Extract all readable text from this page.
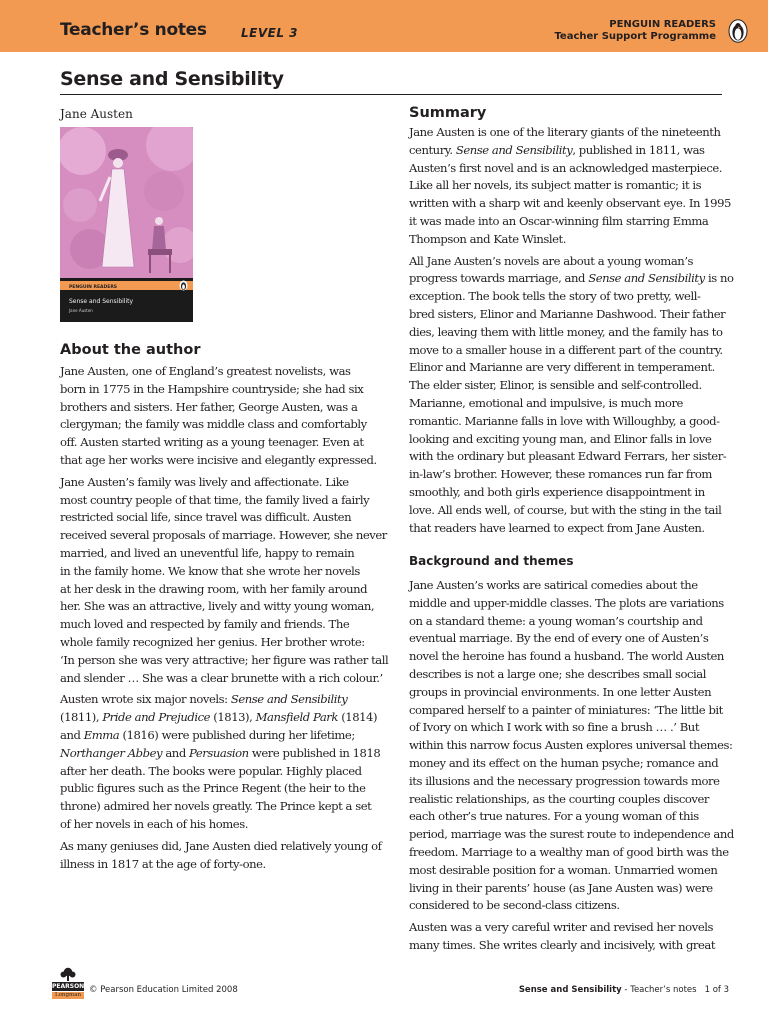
Teacher’s notes	LEVEL 3
PENGUIN READERS
Teacher Support Programme
Sense and Sensibility
Jane Austen
PENGUIN READERS
Sense and Sensibility
Jane Austen
About the author

Jane Austen, one of England’s greatest novelists, was
born in 1775 in the Hampshire countryside; she had six
brothers and sisters. Her father, George Austen, was a
clergyman; the family was middle class and comfortably
off. Austen started writing as a young teenager. Even at
that age her works were incisive and elegantly expressed.

Jane Austen’s family was lively and affectionate. Like
most country people of that time, the family lived a fairly
restricted social life, since travel was difficult. Austen
received several proposals of marriage. However, she never
married, and lived an uneventful life, happy to remain
in the family home. We know that she wrote her novels
at her desk in the drawing room, with her family around
her. She was an attractive, lively and witty young woman,
much loved and respected by family and friends. The
whole family recognized her genius. Her brother wrote:
‘In person she was very attractive; her figure was rather tall
and slender … She was a clear brunette with a rich colour.’

Austen wrote six major novels: Sense and Sensibility
(1811), Pride and Prejudice (1813), Mansfield Park (1814)
and Emma (1816) were published during her lifetime;
Northanger Abbey and Persuasion were published in 1818
after her death. The books were popular. Highly placed
public figures such as the Prince Regent (the heir to the
throne) admired her novels greatly. The Prince kept a set
of her novels in each of his homes.

As many geniuses did, Jane Austen died relatively young of
illness in 1817 at the age of forty-one.

Summary

Jane Austen is one of the literary giants of the nineteenth
century. Sense and Sensibility, published in 1811, was
Austen’s first novel and is an acknowledged masterpiece.
Like all her novels, its subject matter is romantic; it is
written with a sharp wit and keenly observant eye. In 1995
it was made into an Oscar-winning film starring Emma
Thompson and Kate Winslet.

All Jane Austen’s novels are about a young woman’s
progress towards marriage, and Sense and Sensibility is no
exception. The book tells the story of two pretty, well-
bred sisters, Elinor and Marianne Dashwood. Their father
dies, leaving them with little money, and the family has to
move to a smaller house in a different part of the country.
Elinor and Marianne are very different in temperament.
The elder sister, Elinor, is sensible and self-controlled.
Marianne, emotional and impulsive, is much more
romantic. Marianne falls in love with Willoughby, a good-
looking and exciting young man, and Elinor falls in love
with the ordinary but pleasant Edward Ferrars, her sister-
in-law’s brother. However, these romances run far from
smoothly, and both girls experience disappointment in
love. All ends well, of course, but with the sting in the tail
that readers have learned to expect from Jane Austen.

Background and themes

Jane Austen’s works are satirical comedies about the
middle and upper-middle classes. The plots are variations
on a standard theme: a young woman’s courtship and
eventual marriage. By the end of every one of Austen’s
novel the heroine has found a husband. The world Austen
describes is not a large one; she describes small social
groups in provincial environments. In one letter Austen
compared herself to a painter of miniatures: ‘The little bit
of Ivory on which I work with so fine a brush … .’ But
within this narrow focus Austen explores universal themes:
money and its effect on the human psyche; romance and
its illusions and the necessary progression towards more
realistic relationships, as the courting couples discover
each other’s true natures. For a young woman of this
period, marriage was the surest route to independence and
freedom. Marriage to a wealthy man of good birth was the
most desirable position for a woman. Unmarried women
living in their parents’ house (as Jane Austen was) were
considered to be second-class citizens.

Austen was a very careful writer and revised her novels
many times. She writes clearly and incisively, with great

PEARSON
Longman © Pearson Education Limited 2008	Sense and Sensibility - Teacher’s notes 1 of 3
